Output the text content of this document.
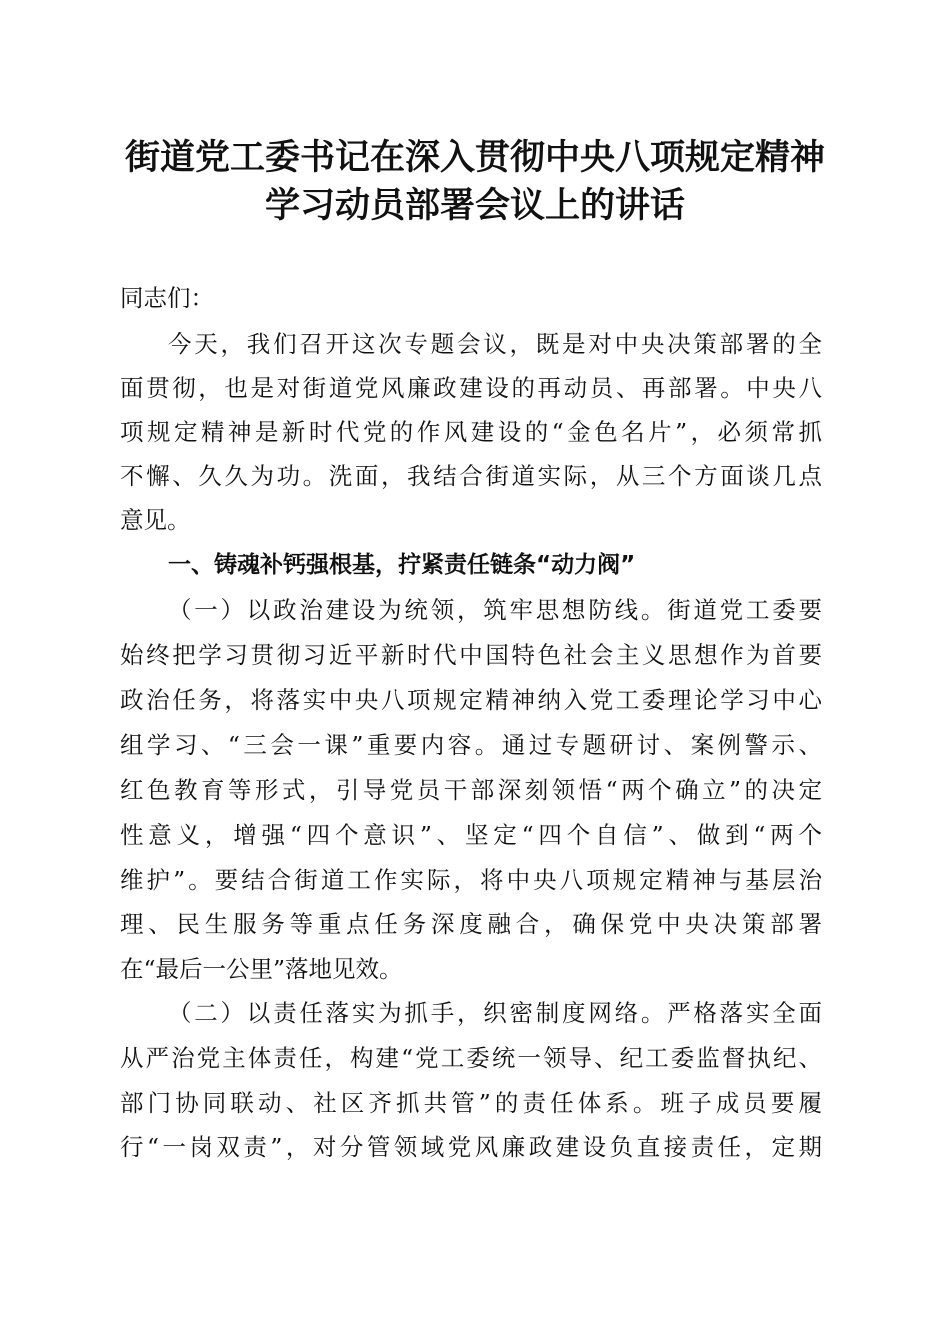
街道党工委书记在深入贯彻中央八项规定精神
学习动员部署会议上的讲话

同志们：

今天，我们召开这次专题会议，既是对中央决策部署的全

面贯彻，也是对街道党风廉政建设的再动员、再部署。中央八

项规定精神是新时代党的作风建设的“金色名片”，必须常抓

不懈、久久为功。洗面，我结合街道实际，从三个方面谈几点

意见。

一、铸魂补钙强根基，拧紧责任链条“动力阀”

（一）以政治建设为统领，筑牢思想防线。街道党工委要

始终把学习贯彻习近平新时代中国特色社会主义思想作为首要

政治任务，将落实中央八项规定精神纳入党工委理论学习中心

组学习、“三会一课”重要内容。通过专题研讨、案例警示、

红色教育等形式，引导党员干部深刻领悟“两个确立”的决定

性意义，增强“四个意识”、坚定“四个自信”、做到“两个

维护”。要结合街道工作实际，将中央八项规定精神与基层治

理、民生服务等重点任务深度融合，确保党中央决策部署

在“最后一公里”落地见效。

（二）以责任落实为抓手，织密制度网络。严格落实全面

从严治党主体责任，构建“党工委统一领导、纪工委监督执纪、

部门协同联动、社区齐抓共管”的责任体系。班子成员要履

行“一岗双责”，对分管领域党风廉政建设负直接责任，定期
